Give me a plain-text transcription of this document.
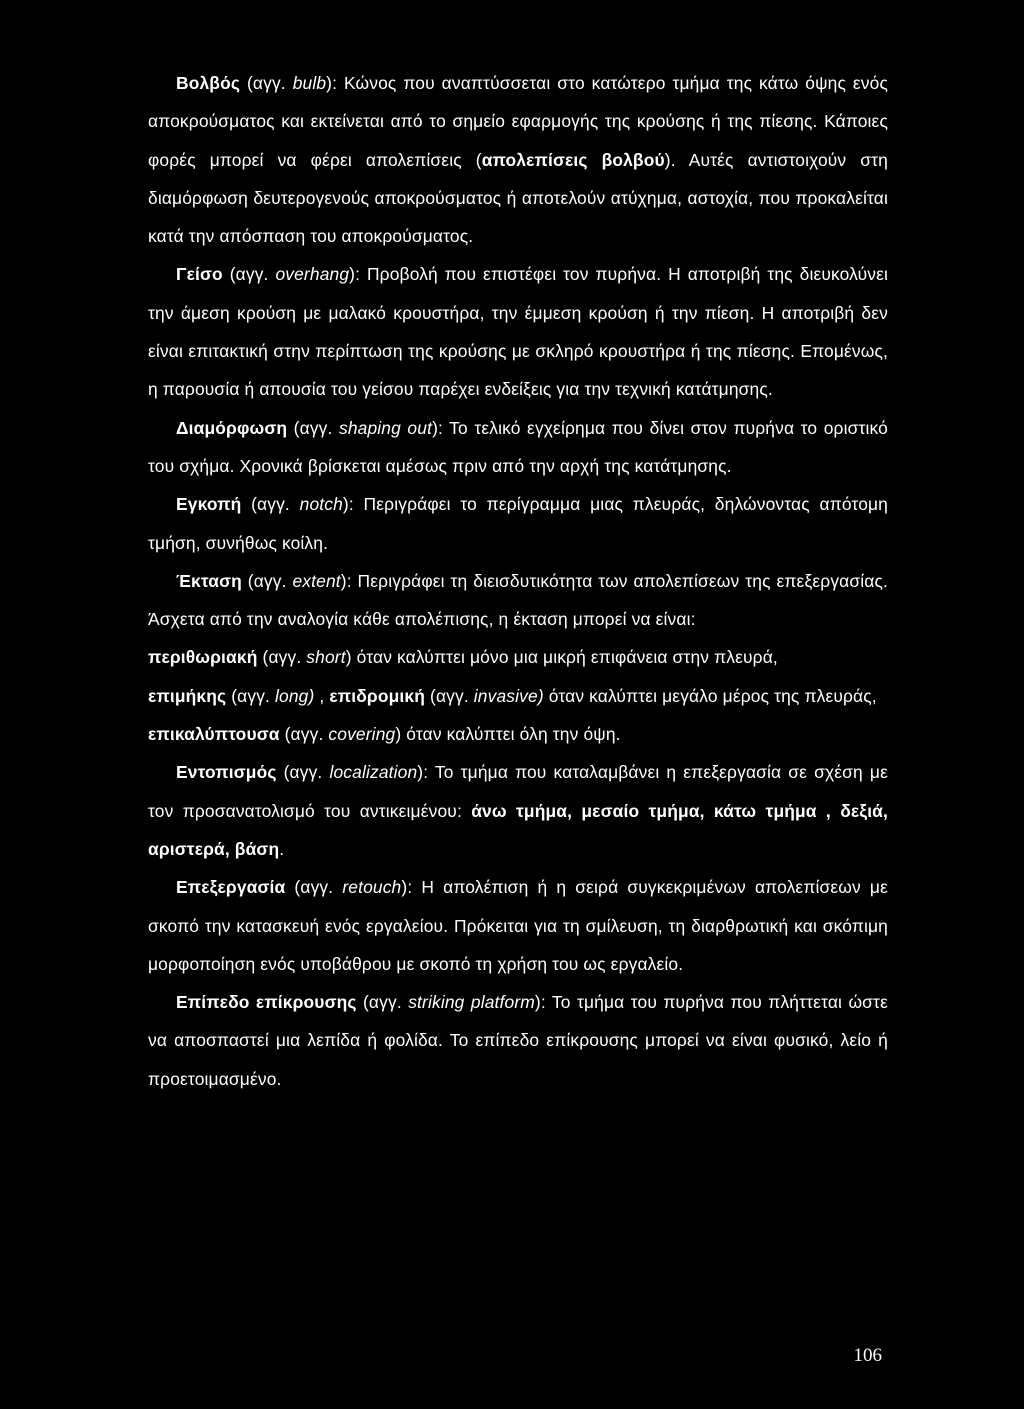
Βολβός (αγγ. bulb): Κώνος που αναπτύσσεται στο κατώτερο τμήμα της κάτω όψης ενός αποκρούσματος και εκτείνεται από το σημείο εφαρμογής της κρούσης ή της πίεσης. Κάποιες φορές μπορεί να φέρει απολεπίσεις (απολεπίσεις βολβού). Αυτές αντιστοιχούν στη διαμόρφωση δευτερογενούς αποκρούσματος ή αποτελούν ατύχημα, αστοχία, που προκαλείται κατά την απόσπαση του αποκρούσματος.

Γείσο (αγγ. overhang): Προβολή που επιστέφει τον πυρήνα. Η αποτριβή της διευκολύνει την άμεση κρούση με μαλακό κρουστήρα, την έμμεση κρούση ή την πίεση. Η αποτριβή δεν είναι επιτακτική στην περίπτωση της κρούσης με σκληρό κρουστήρα ή της πίεσης. Επομένως, η παρουσία ή απουσία του γείσου παρέχει ενδείξεις για την τεχνική κατάτμησης.

Διαμόρφωση (αγγ. shaping out): Το τελικό εγχείρημα που δίνει στον πυρήνα το οριστικό του σχήμα. Χρονικά βρίσκεται αμέσως πριν από την αρχή της κατάτμησης.

Εγκοπή (αγγ. notch): Περιγράφει το περίγραμμα μιας πλευράς, δηλώνοντας απότομη τμήση, συνήθως κοίλη.

Έκταση (αγγ. extent): Περιγράφει τη διεισδυτικότητα των απολεπίσεων της επεξεργασίας. Άσχετα από την αναλογία κάθε απολέπισης, η έκταση μπορεί να είναι:

περιθωριακή (αγγ. short) όταν καλύπτει μόνο μια μικρή επιφάνεια στην πλευρά,

επιμήκης (αγγ. long) , επιδρομική (αγγ. invasive) όταν καλύπτει μεγάλο μέρος της πλευράς,

επικαλύπτουσα (αγγ. covering) όταν καλύπτει όλη την όψη.

Εντοπισμός (αγγ. localization): Το τμήμα που καταλαμβάνει η επεξεργασία σε σχέση με τον προσανατολισμό του αντικειμένου: άνω τμήμα, μεσαίο τμήμα, κάτω τμήμα , δεξιά, αριστερά, βάση.

Επεξεργασία (αγγ. retouch): Η απολέπιση ή η σειρά συγκεκριμένων απολεπίσεων με σκοπό την κατασκευή ενός εργαλείου. Πρόκειται για τη σμίλευση, τη διαρθρωτική και σκόπιμη μορφοποίηση ενός υποβάθρου με σκοπό τη χρήση του ως εργαλείο.

Επίπεδο επίκρουσης (αγγ. striking platform): Το τμήμα του πυρήνα που πλήττεται ώστε να αποσπαστεί μια λεπίδα ή φολίδα. Το επίπεδο επίκρουσης μπορεί να είναι φυσικό, λείο ή προετοιμασμένο.

106
